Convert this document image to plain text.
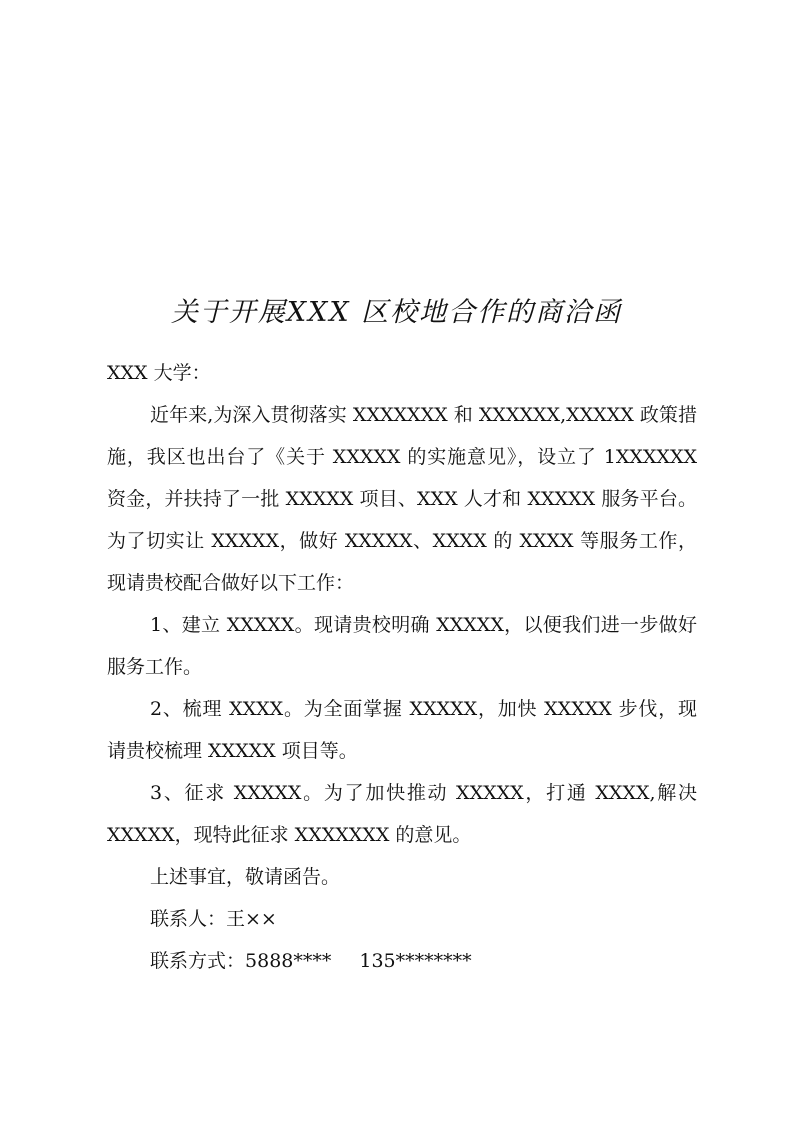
关于开展XXX 区校地合作的商洽函

XXX 大学：

近年来,为深入贯彻落实 XXXXXXX 和 XXXXXX,XXXXX 政策措施，我区也出台了《关于 XXXXX 的实施意见》，设立了 1XXXXXX 资金，并扶持了一批 XXXXX 项目、XXX 人才和 XXXXX 服务平台。为了切实让 XXXXX，做好 XXXXX、XXXX 的 XXXX 等服务工作，现请贵校配合做好以下工作：

1、建立 XXXXX。现请贵校明确 XXXXX，以便我们进一步做好服务工作。

2、梳理 XXXX。为全面掌握 XXXXX，加快 XXXXX 步伐，现请贵校梳理 XXXXX 项目等。

3、征求 XXXXX。为了加快推动 XXXXX，打通 XXXX,解决 XXXXX，现特此征求 XXXXXXX 的意见。

上述事宜，敬请函告。

联系人：王××

联系方式：5888**** 135********
